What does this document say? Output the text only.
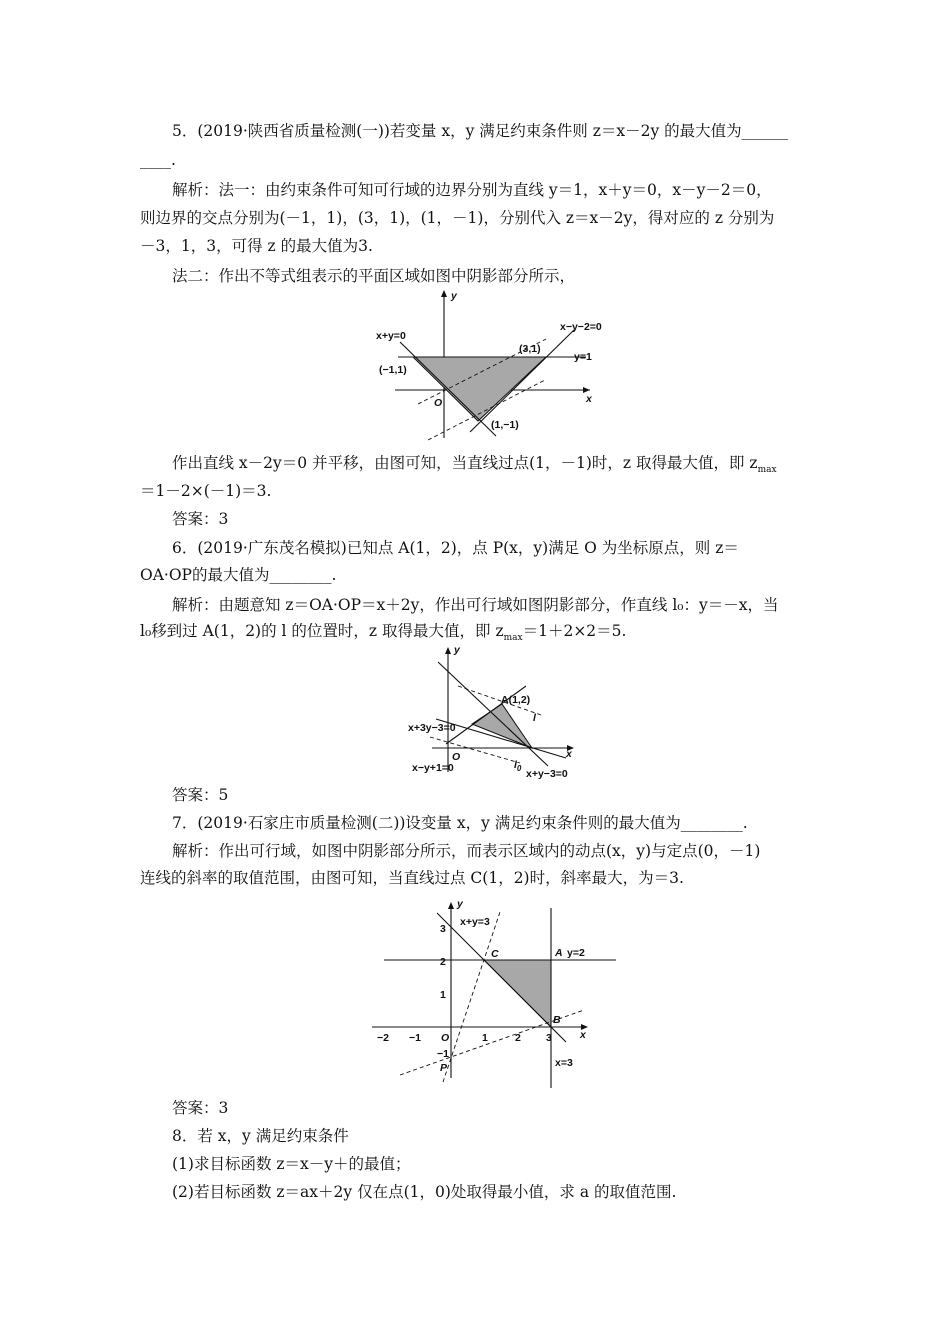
5．(2019·陕西省质量检测(一))若变量 x，y 满足约束条件则 z＝x－2y 的最大值为______
____.
解析：法一：由约束条件可知可行域的边界分别为直线 y＝1，x＋y＝0，x－y－2＝0，
则边界的交点分别为(－1，1)，(3，1)，(1，－1)，分别代入 z＝x－2y，得对应的 z 分别为
－3，1，3，可得 z 的最大值为3.
法二：作出不等式组表示的平面区域如图中阴影部分所示，
y
x
O
x+y=0
x−y−2=0
y=1
(−1,1)
(3,1)
(1,−1)
作出直线 x－2y＝0 并平移，由图可知，当直线过点(1，－1)时，z 取得最大值，即 $z_{max}$
＝1－2×(－1)＝3.
答案：3
6．(2019·广东茂名模拟)已知点 A(1，2)，点 P(x，y)满足 O 为坐标原点，则 z＝
OA·OP的最大值为________.
解析：由题意知 z＝OA·OP＝x＋2y，作出可行域如图阴影部分，作直线 l₀：y＝－x，当
l₀移到过 A(1，2)的 l 的位置时，z 取得最大值，即 $z_{max}=1+2\times 2=5$.
y
x
O
A(1,2)
l
$l_0$
x+3y−3=0
x−y+1=0	x+y−3=0
答案：5
7．(2019·石家庄市质量检测(二))设变量 x，y 满足约束条件则的最大值为________.
解析：作出可行域，如图中阴影部分所示，而表示区域内的动点(x，y)与定点(0，－1)
连线的斜率的取值范围，由图可知，当直线过点 C(1，2)时，斜率最大，为＝3.
y
x
O
3
2
1
−1
−2 −1	1	2 3
x+y=3
y=2
x=3
C	A
B
P
答案：3
8．若 x，y 满足约束条件
(1)求目标函数 z＝x－y＋的最值；
(2)若目标函数 z＝ax＋2y 仅在点(1，0)处取得最小值，求 a 的取值范围.
